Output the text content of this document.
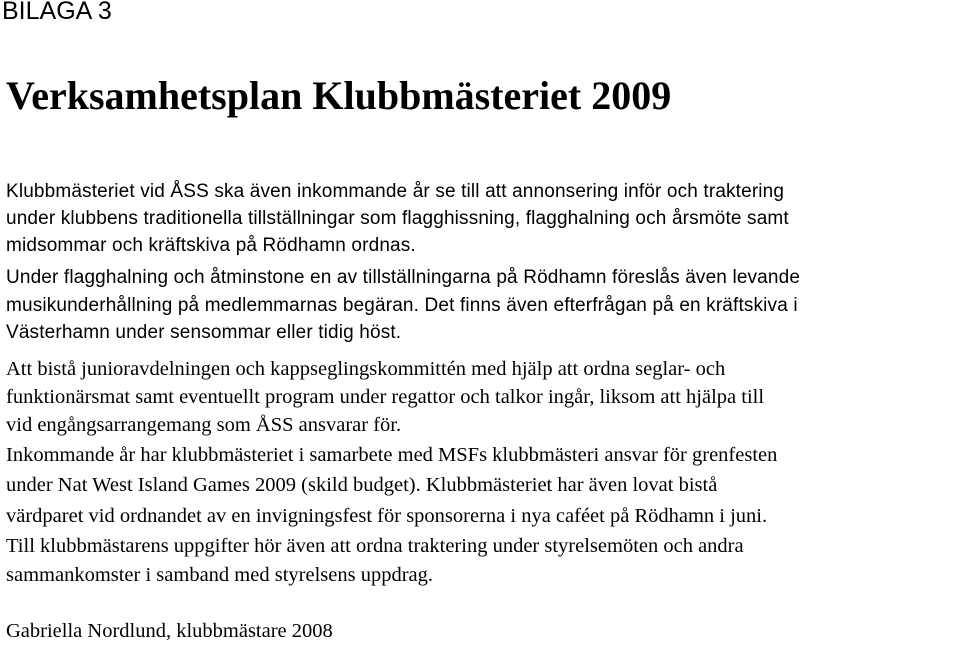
BILAGA 3
Verksamhetsplan Klubbmästeriet 2009

Klubbmästeriet vid ÅSS ska även inkommande år se till att annonsering inför och traktering

under klubbens traditionella tillställningar som flagghissning, flagghalning och årsmöte samt

midsommar och kräftskiva på Rödhamn ordnas.

Under flagghalning och åtminstone en av tillställningarna på Rödhamn föreslås även levande

musikunderhållning på medlemmarnas begäran. Det finns även efterfrågan på en kräftskiva i

Västerhamn under sensommar eller tidig höst.

Att bistå junioravdelningen och kappseglingskommittén med hjälp att ordna seglar- och

funktionärsmat samt eventuellt program under regattor och talkor ingår, liksom att hjälpa till

vid engångsarrangemang som ÅSS ansvarar för.

Inkommande år har klubbmästeriet i samarbete med MSFs klubbmästeri ansvar för grenfesten

under Nat West Island Games 2009 (skild budget). Klubbmästeriet har även lovat bistå

värdparet vid ordnandet av en invigningsfest för sponsorerna i nya caféet på Rödhamn i juni.

Till klubbmästarens uppgifter hör även att ordna traktering under styrelsemöten och andra

sammankomster i samband med styrelsens uppdrag.

Gabriella Nordlund, klubbmästare 2008
